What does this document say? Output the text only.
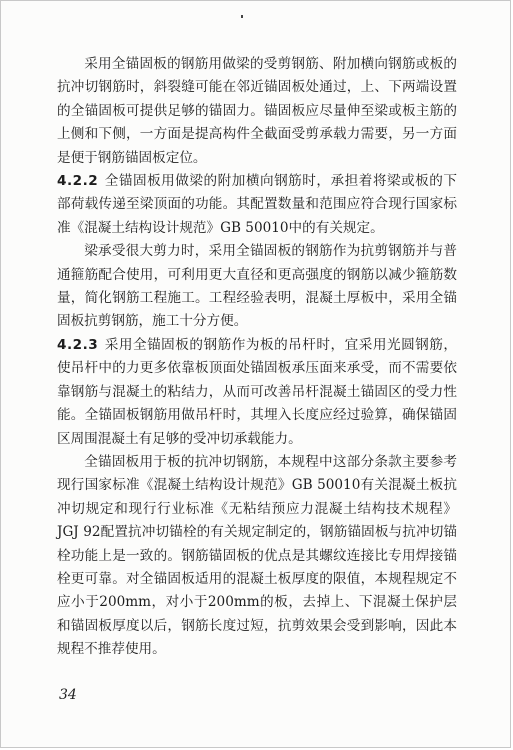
采用全锚固板的钢筋用做梁的受剪钢筋、附加横向钢筋或板的抗冲切钢筋时，斜裂缝可能在邻近锚固板处通过，上、下两端设置的全锚固板可提供足够的锚固力。锚固板应尽量伸至梁或板主筋的上侧和下侧，一方面是提高构件全截面受剪承载力需要，另一方面是便于钢筋锚固板定位。

4.2.2 全锚固板用做梁的附加横向钢筋时，承担着将梁或板的下部荷载传递至梁顶面的功能。其配置数量和范围应符合现行国家标准《混凝土结构设计规范》GB 50010中的有关规定。

梁承受很大剪力时，采用全锚固板的钢筋作为抗剪钢筋并与普通箍筋配合使用，可利用更大直径和更高强度的钢筋以减少箍筋数量，简化钢筋工程施工。工程经验表明，混凝土厚板中，采用全锚固板抗剪钢筋，施工十分方便。

4.2.3 采用全锚固板的钢筋作为板的吊杆时，宜采用光圆钢筋，使吊杆中的力更多依靠板顶面处锚固板承压面来承受，而不需要依靠钢筋与混凝土的粘结力，从而可改善吊杆混凝土锚固区的受力性能。全锚固板钢筋用做吊杆时，其埋入长度应经过验算，确保锚固区周围混凝土有足够的受冲切承载能力。

全锚固板用于板的抗冲切钢筋，本规程中这部分条款主要参考现行国家标准《混凝土结构设计规范》GB 50010有关混凝土板抗冲切规定和现行行业标准《无粘结预应力混凝土结构技术规程》JGJ 92配置抗冲切锚栓的有关规定制定的，钢筋锚固板与抗冲切锚栓功能上是一致的。钢筋锚固板的优点是其螺纹连接比专用焊接锚栓更可靠。对全锚固板适用的混凝土板厚度的限值，本规程规定不应小于200mm，对小于200mm的板，去掉上、下混凝土保护层和锚固板厚度以后，钢筋长度过短，抗剪效果会受到影响，因此本规程不推荐使用。

34
